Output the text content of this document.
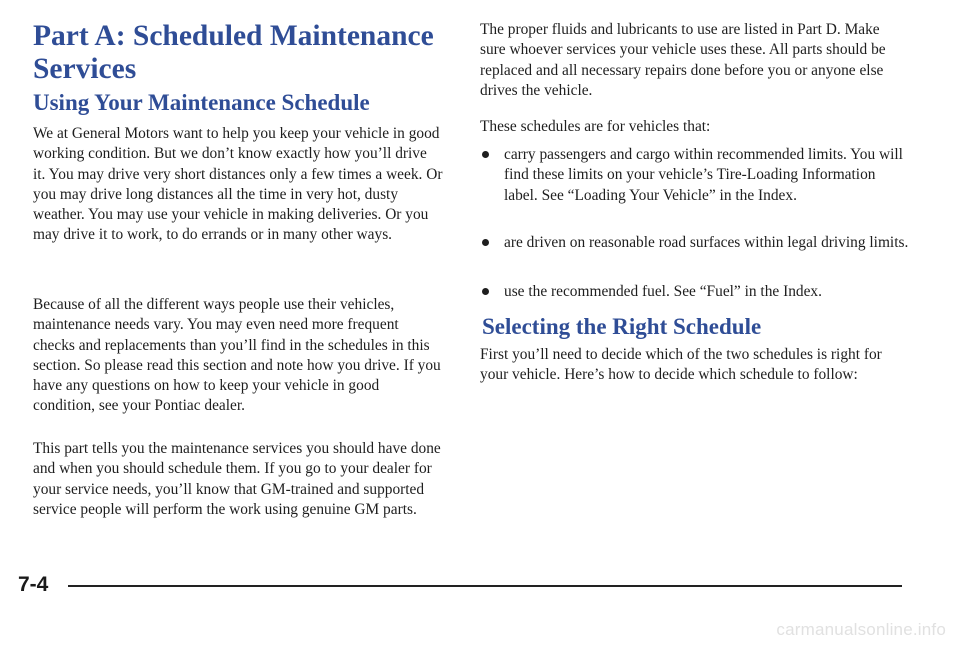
Part A: Scheduled Maintenance Services
Using Your Maintenance Schedule

We at General Motors want to help you keep your vehicle in good working condition. But we don’t know exactly how you’ll drive it. You may drive very short distances only a few times a week. Or you may drive long distances all the time in very hot, dusty weather. You may use your vehicle in making deliveries. Or you may drive it to work, to do errands or in many other ways.

Because of all the different ways people use their vehicles, maintenance needs vary. You may even need more frequent checks and replacements than you’ll find in the schedules in this section. So please read this section and note how you drive. If you have any questions on how to keep your vehicle in good condition, see your Pontiac dealer.

This part tells you the maintenance services you should have done and when you should schedule them. If you go to your dealer for your service needs, you’ll know that GM-trained and supported service people will perform the work using genuine GM parts.

The proper fluids and lubricants to use are listed in Part D. Make sure whoever services your vehicle uses these. All parts should be replaced and all necessary repairs done before you or anyone else drives the vehicle.

These schedules are for vehicles that:

carry passengers and cargo within recommended limits. You will find these limits on your vehicle’s Tire-Loading Information label. See “Loading Your Vehicle” in the Index.
are driven on reasonable road surfaces within legal driving limits.
use the recommended fuel. See “Fuel” in the Index.
Selecting the Right Schedule

First you’ll need to decide which of the two schedules is right for your vehicle. Here’s how to decide which schedule to follow:

7-4
carmanualsonline.info
